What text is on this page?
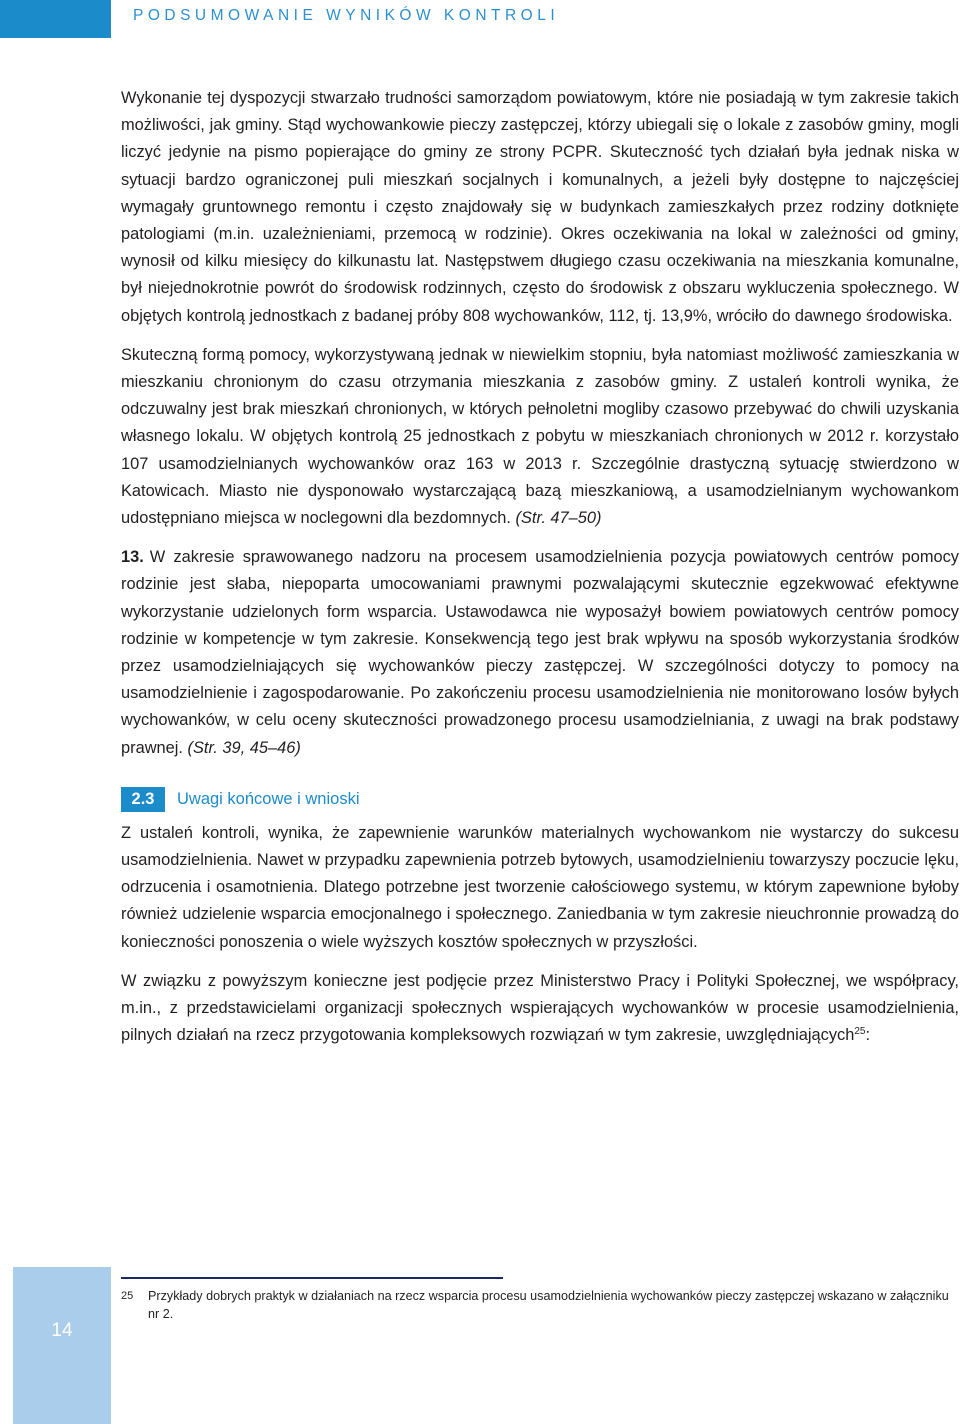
PODSUMOWANIE WYNIKÓW KONTROLI

Wykonanie tej dyspozycji stwarzało trudności samorządom powiatowym, które nie posiadają w tym zakresie takich możliwości, jak gminy. Stąd wychowankowie pieczy zastępczej, którzy ubiegali się o lokale z zasobów gminy, mogli liczyć jedynie na pismo popierające do gminy ze strony PCPR. Skuteczność tych działań była jednak niska w sytuacji bardzo ograniczonej puli mieszkań socjalnych i komunalnych, a jeżeli były dostępne to najczęściej wymagały gruntownego remontu i często znajdowały się w budynkach zamieszkałych przez rodziny dotknięte patologiami (m.in. uzależnieniami, przemocą w rodzinie). Okres oczekiwania na lokal w zależności od gminy, wynosił od kilku miesięcy do kilkunastu lat. Następstwem długiego czasu oczekiwania na mieszkania komunalne, był niejednokrotnie powrót do środowisk rodzinnych, często do środowisk z obszaru wykluczenia społecznego. W objętych kontrolą jednostkach z badanej próby 808 wychowanków, 112, tj. 13,9%, wróciło do dawnego środowiska.

Skuteczną formą pomocy, wykorzystywaną jednak w niewielkim stopniu, była natomiast możliwość zamieszkania w mieszkaniu chronionym do czasu otrzymania mieszkania z zasobów gminy. Z ustaleń kontroli wynika, że odczuwalny jest brak mieszkań chronionych, w których pełnoletni mogliby czasowo przebywać do chwili uzyskania własnego lokalu. W objętych kontrolą 25 jednostkach z pobytu w mieszkaniach chronionych w 2012 r. korzystało 107 usamodzielnianych wychowanków oraz 163 w 2013 r. Szczególnie drastyczną sytuację stwierdzono w Katowicach. Miasto nie dysponowało wystarczającą bazą mieszkaniową, a usamodzielnianym wychowankom udostępniano miejsca w noclegowni dla bezdomnych. (Str. 47–50)

13. W zakresie sprawowanego nadzoru na procesem usamodzielnienia pozycja powiatowych centrów pomocy rodzinie jest słaba, niepoparta umocowaniami prawnymi pozwalającymi skutecznie egzekwować efektywne wykorzystanie udzielonych form wsparcia. Ustawodawca nie wyposażył bowiem powiatowych centrów pomocy rodzinie w kompetencje w tym zakresie. Konsekwencją tego jest brak wpływu na sposób wykorzystania środków przez usamodzielniających się wychowanków pieczy zastępczej. W szczególności dotyczy to pomocy na usamodzielnienie i zagospodarowanie. Po zakończeniu procesu usamodzielnienia nie monitorowano losów byłych wychowanków, w celu oceny skuteczności prowadzonego procesu usamodzielniania, z uwagi na brak podstawy prawnej. (Str. 39, 45–46)

2.3	Uwagi końcowe i wnioski

Z ustaleń kontroli, wynika, że zapewnienie warunków materialnych wychowankom nie wystarczy do sukcesu usamodzielnienia. Nawet w przypadku zapewnienia potrzeb bytowych, usamodzielnieniu towarzyszy poczucie lęku, odrzucenia i osamotnienia. Dlatego potrzebne jest tworzenie całościowego systemu, w którym zapewnione byłoby również udzielenie wsparcia emocjonalnego i społecznego. Zaniedbania w tym zakresie nieuchronnie prowadzą do konieczności ponoszenia o wiele wyższych kosztów społecznych w przyszłości.

W związku z powyższym konieczne jest podjęcie przez Ministerstwo Pracy i Polityki Społecznej, we współpracy, m.in., z przedstawicielami organizacji społecznych wspierających wychowanków w procesie usamodzielnienia, pilnych działań na rzecz przygotowania kompleksowych rozwiązań w tym zakresie, uwzględniających$^{25}$:

14
25	Przykłady dobrych praktyk w działaniach na rzecz wsparcia procesu usamodzielnienia wychowanków pieczy zastępczej wskazano w załączniku nr 2.
